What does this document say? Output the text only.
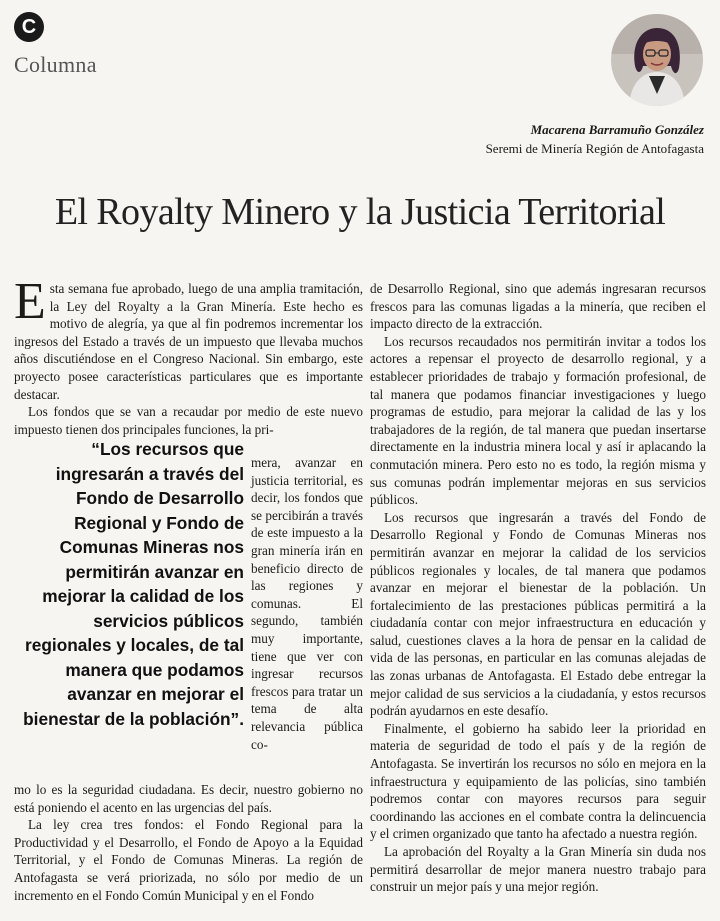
C
Columna
Macarena Barramuño González
Seremi de Minería Región de Antofagasta
El Royalty Minero y la Justicia Territorial

Esta semana fue aprobado, luego de una amplia tramitación, la Ley del Royalty a la Gran Minería. Este hecho es motivo de alegría, ya que al fin podremos incrementar los ingresos del Estado a través de un impuesto que llevaba muchos años discutiéndose en el Congreso Nacional. Sin embargo, este proyecto posee características particulares que es importante destacar.

Los fondos que se van a recaudar por medio de este nuevo impuesto tienen dos principales funciones, la pri-

“Los recursos que ingresarán a través del Fondo de Desarrollo Regional y Fondo de Comunas Mineras nos permitirán avanzar en mejorar la calidad de los servicios públicos regionales y locales, de tal manera que podamos avanzar en mejorar el bienestar de la población”.

mera, avanzar en justicia territorial, es decir, los fondos que se percibirán a través de este impuesto a la gran minería irán en beneficio directo de las regiones y comunas. El segundo, también muy importante, tiene que ver con ingresar recursos frescos para tratar un tema de alta relevancia pública co-

mo lo es la seguridad ciudadana. Es decir, nuestro gobierno no está poniendo el acento en las urgencias del país.

La ley crea tres fondos: el Fondo Regional para la Productividad y el Desarrollo, el Fondo de Apoyo a la Equidad Territorial, y el Fondo de Comunas Mineras. La región de Antofagasta se verá priorizada, no sólo por medio de un incremento en el Fondo Común Municipal y en el Fondo

de Desarrollo Regional, sino que además ingresaran recursos frescos para las comunas ligadas a la minería, que reciben el impacto directo de la extracción.

Los recursos recaudados nos permitirán invitar a todos los actores a repensar el proyecto de desarrollo regional, y a establecer prioridades de trabajo y formación profesional, de tal manera que podamos financiar investigaciones y luego programas de estudio, para mejorar la calidad de las y los trabajadores de la región, de tal manera que puedan insertarse directamente en la industria minera local y así ir aplacando la conmutación minera. Pero esto no es todo, la región misma y sus comunas podrán implementar mejoras en sus servicios públicos.

Los recursos que ingresarán a través del Fondo de Desarrollo Regional y Fondo de Comunas Mineras nos permitirán avanzar en mejorar la calidad de los servicios públicos regionales y locales, de tal manera que podamos avanzar en mejorar el bienestar de la población. Un fortalecimiento de las prestaciones públicas permitirá a la ciudadanía contar con mejor infraestructura en educación y salud, cuestiones claves a la hora de pensar en la calidad de vida de las personas, en particular en las comunas alejadas de las zonas urbanas de Antofagasta. El Estado debe entregar la mejor calidad de sus servicios a la ciudadanía, y estos recursos podrán ayudarnos en este desafío.

Finalmente, el gobierno ha sabido leer la prioridad en materia de seguridad de todo el país y de la región de Antofagasta. Se invertirán los recursos no sólo en mejora en la infraestructura y equipamiento de las policías, sino también podremos contar con mayores recursos para seguir coordinando las acciones en el combate contra la delincuencia y el crimen organizado que tanto ha afectado a nuestra región.

La aprobación del Royalty a la Gran Minería sin duda nos permitirá desarrollar de mejor manera nuestro trabajo para construir un mejor país y una mejor región.
